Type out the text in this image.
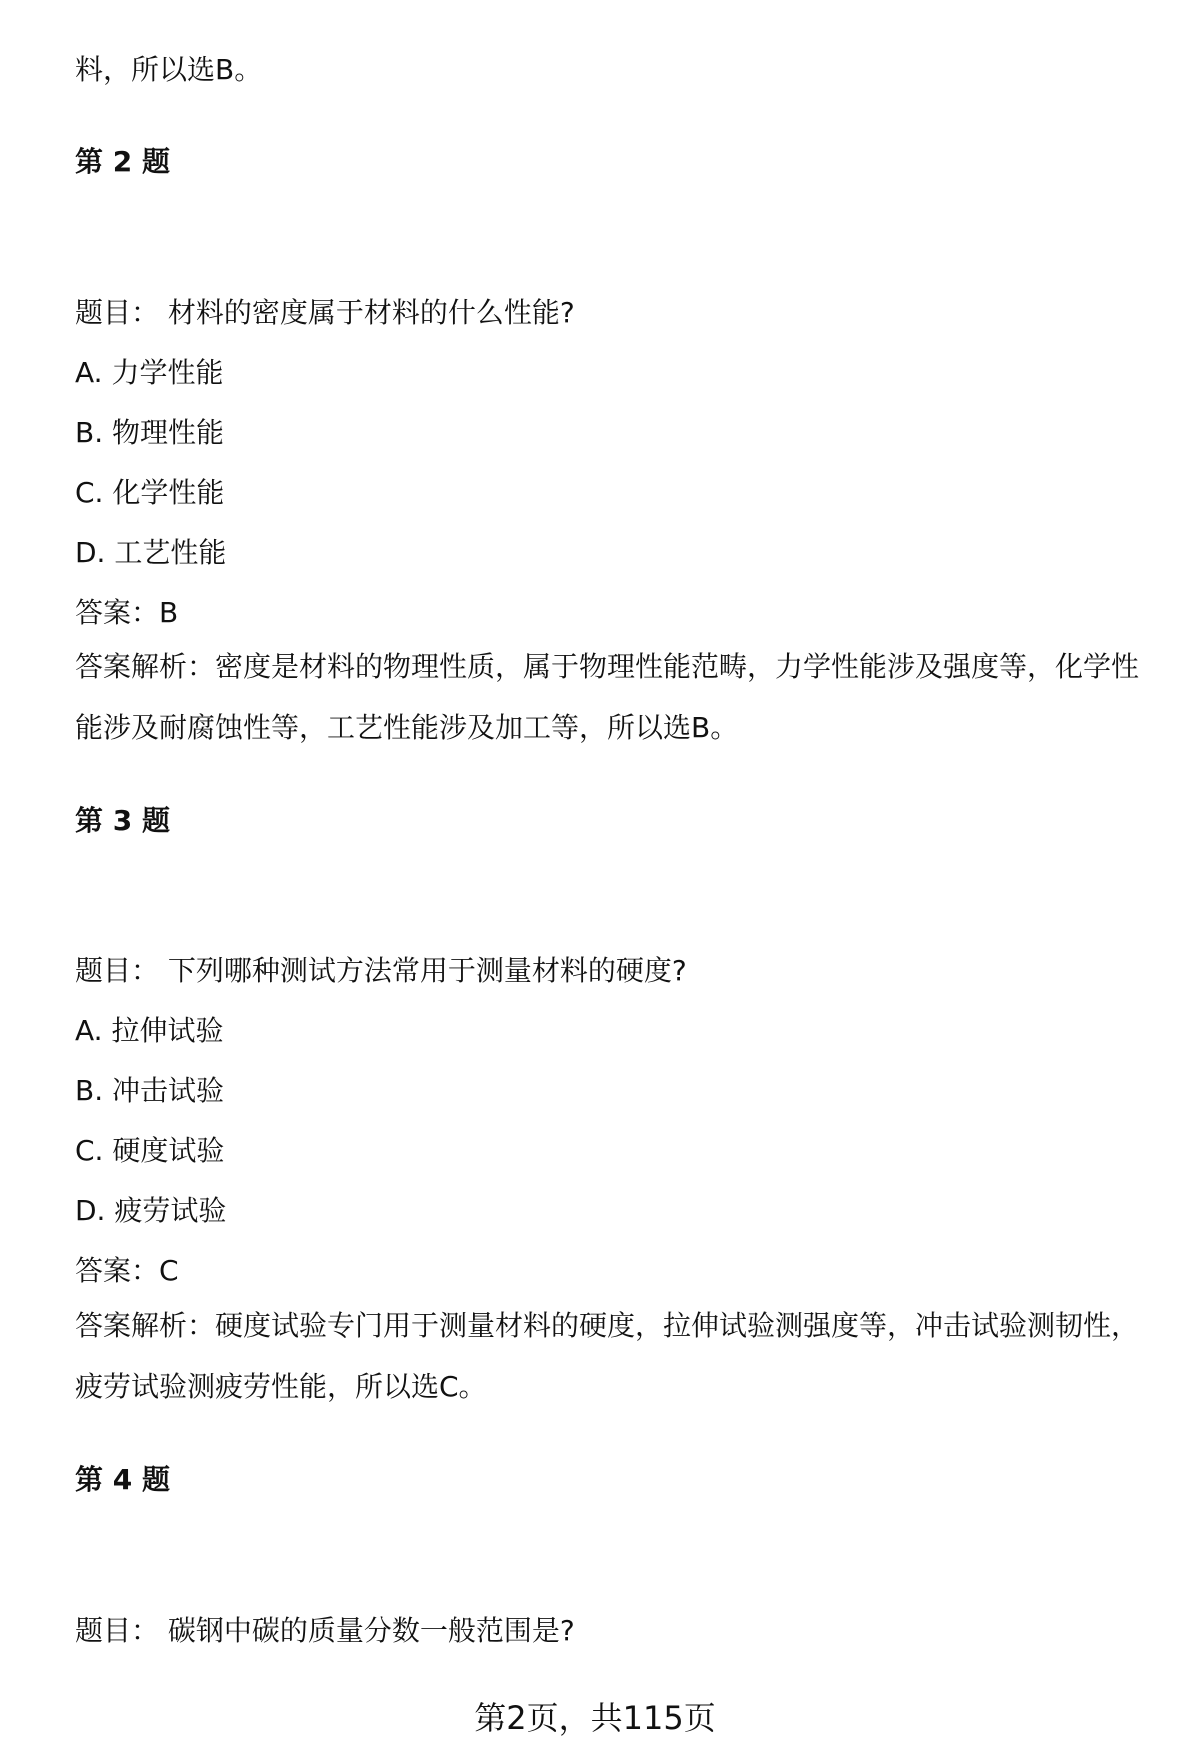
料，所以选B。
第 2 题
题目： 材料的密度属于材料的什么性能?
A. 力学性能
B. 物理性能
C. 化学性能
D. 工艺性能
答案：B
答案解析：密度是材料的物理性质，属于物理性能范畴，力学性能涉及强度等，化学性能涉及耐腐蚀性等，工艺性能涉及加工等，所以选B。
第 3 题
题目： 下列哪种测试方法常用于测量材料的硬度?
A. 拉伸试验
B. 冲击试验
C. 硬度试验
D. 疲劳试验
答案：C
答案解析：硬度试验专门用于测量材料的硬度，拉伸试验测强度等，冲击试验测韧性，疲劳试验测疲劳性能，所以选C。
第 4 题
题目： 碳钢中碳的质量分数一般范围是?
第2页，共115页
